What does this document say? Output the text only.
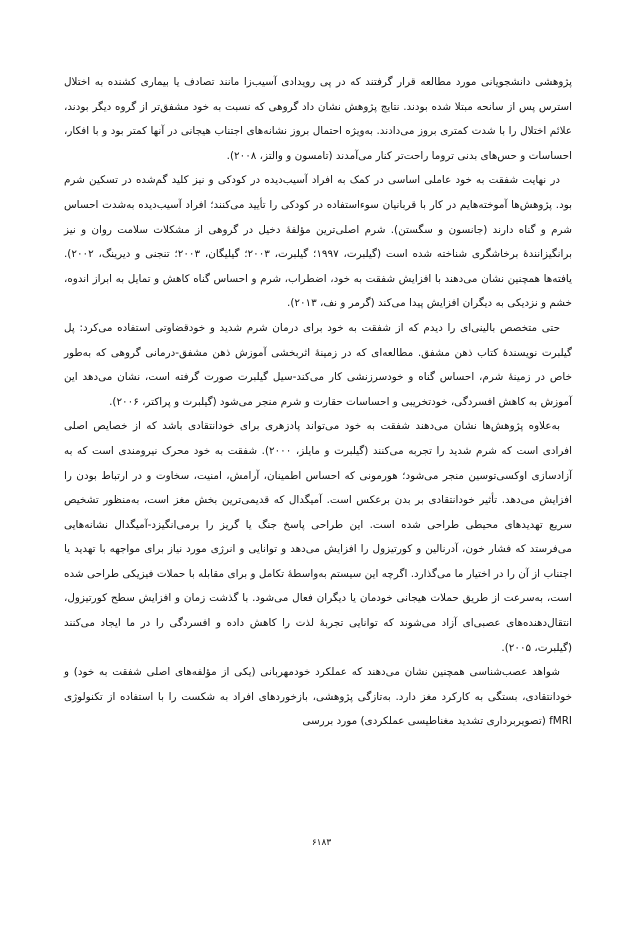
پژوهشی دانشجویانی مورد مطالعه قرار گرفتند که در پی رویدادی آسیب‌زا مانند تصادف یا بیماری کشنده به اختلال استرس پس از سانحه مبتلا شده بودند. نتایج پژوهش نشان داد گروهی که نسبت به خود مشفق‌تر از گروه دیگر بودند، علائم اختلال را با شدت کمتری بروز می‌دادند. به‌ویژه احتمال بروز نشانه‌های اجتناب هیجانی در آنها کمتر بود و با افکار، احساسات و حس‌های بدنی تروما راحت‌تر کنار می‌آمدند (تامسون و والتز، ۲۰۰۸).

در نهایت شفقت به خود عاملی اساسی در کمک به افراد آسیب‌دیده در کودکی و نیز کلید گم‌شده در تسکین شرم بود. پژوهش‌ها آموخته‌هایم در کار با قربانیان سوءاستفاده در کودکی را تأیید می‌کنند؛ افراد آسیب‌دیده به‌شدت احساس شرم و گناه دارند (جانسون و سگستن). شرم اصلی‌ترین مؤلفهٔ دخیل در گروهی از مشکلات سلامت روان و نیز برانگیزانندهٔ برخاشگری شناخته شده است (گیلبرت، ۱۹۹۷؛ گیلبرت، ۲۰۰۳؛ گیلیگان، ۲۰۰۳؛ تنجنی و دیرینگ، ۲۰۰۲). یافته‌ها همچنین نشان می‌دهند با افزایش شفقت به خود، اضطراب، شرم و احساس گناه کاهش و تمایل به ابراز اندوه، خشم و نزدیکی به دیگران افزایش پیدا می‌کند (گرمر و نف، ۲۰۱۳).

حتی متخصص بالینی‌ای را دیدم که از شفقت به خود برای درمان شرم شدید و خودقضاوتی استفاده می‌کرد: پل گیلبرت نویسندهٔ کتاب ذهن مشفق. مطالعه‌ای که در زمینهٔ اثربخشی آموزش ذهن مشفق-درمانی گروهی که به‌طور خاص در زمینهٔ شرم، احساس گناه و خودسرزنشی کار می‌کند-سیل گیلبرت صورت گرفته است، نشان می‌دهد این آموزش به کاهش افسردگی، خودتخریبی و احساسات حقارت و شرم منجر می‌شود (گیلبرت و پراکتر، ۲۰۰۶).

به‌علاوه پژوهش‌ها نشان می‌دهند شفقت به خود می‌تواند پادزهری برای خودانتقادی باشد که از خصایص اصلی افرادی است که شرم شدید را تجربه می‌کنند (گیلبرت و مایلز، ۲۰۰۰). شفقت به خود محرک نیرومندی است که به آزادسازی اوکسی‌توسین منجر می‌شود؛ هورمونی که احساس اطمینان، آرامش، امنیت، سخاوت و در ارتباط بودن را افزایش می‌دهد. تأثیر خودانتقادی بر بدن برعکس است. آمیگدال که قدیمی‌ترین بخش مغز است، به‌منظور تشخیص سریع تهدیدهای محیطی طراحی شده است. این طراحی پاسخ جنگ یا گریز را برمی‌انگیزد-آمیگدال نشانه‌هایی می‌فرستد که فشار خون، آدرنالین و کورتیزول را افزایش می‌دهد و توانایی و انرژی مورد نیاز برای مواجهه با تهدید یا اجتناب از آن را در اختیار ما می‌گذارد. اگرچه این سیستم به‌واسطهٔ تکامل و برای مقابله با حملات فیزیکی طراحی شده است، به‌سرعت از طریق حملات هیجانی خودمان یا دیگران فعال می‌شود. با گذشت زمان و افزایش سطح کورتیزول، انتقال‌دهنده‌های عصبی‌ای آزاد می‌شوند که توانایی تجربهٔ لذت را کاهش داده و افسردگی را در ما ایجاد می‌کنند (گیلبرت، ۲۰۰۵).

شواهد عصب‌شناسی همچنین نشان می‌دهند که عملکرد خودمهربانی (یکی از مؤلفه‌های اصلی شفقت به خود) و خودانتقادی، بستگی به کارکرد مغز دارد. به‌تازگی پژوهشی، بازخوردهای افراد به شکست را با استفاده از تکنولوژی fMRI (تصویربرداری تشدید مغناطیسی عملکردی) مورد بررسی

۶۱۸۳
